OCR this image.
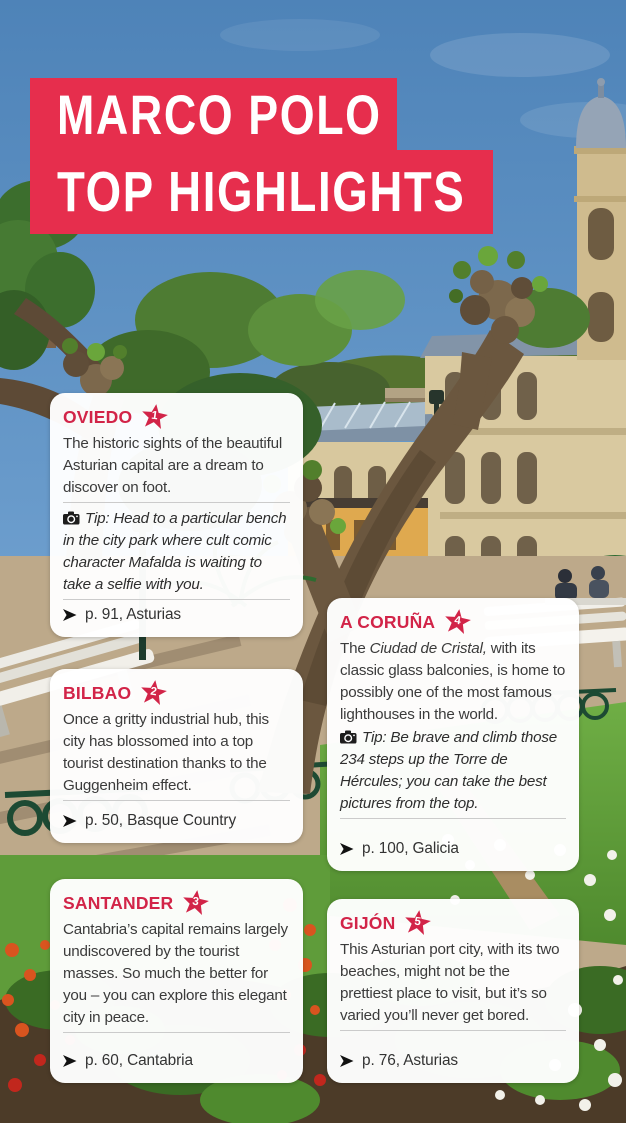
MARCO POLO
TOP HIGHLIGHTS
OVIEDO	1

The historic sights of the beautiful Asturian capital are a dream to discover on foot.

Tip: Head to a particular bench in the city park where cult comic character Mafalda is waiting to take a selfie with you.

p. 91, Asturias
BILBAO	2

Once a gritty industrial hub, this city has blossomed into a top tourist destination thanks to the Guggenheim effect.

p. 50, Basque Country
SANTANDER	3

Cantabria’s capital remains largely undiscovered by the tourist masses. So much the better for you – you can explore this elegant city in peace.

p. 60, Cantabria
A CORUÑA	4

The Ciudad de Cristal, with its classic glass balconies, is home to possibly one of the most famous lighthouses in the world.

Tip: Be brave and climb those 234 steps up the Torre de Hércules; you can take the best pictures from the top.

p. 100, Galicia
GIJÓN	5

This Asturian port city, with its two beaches, might not be the prettiest place to visit, but it’s so varied you’ll never get bored.

p. 76, Asturias
